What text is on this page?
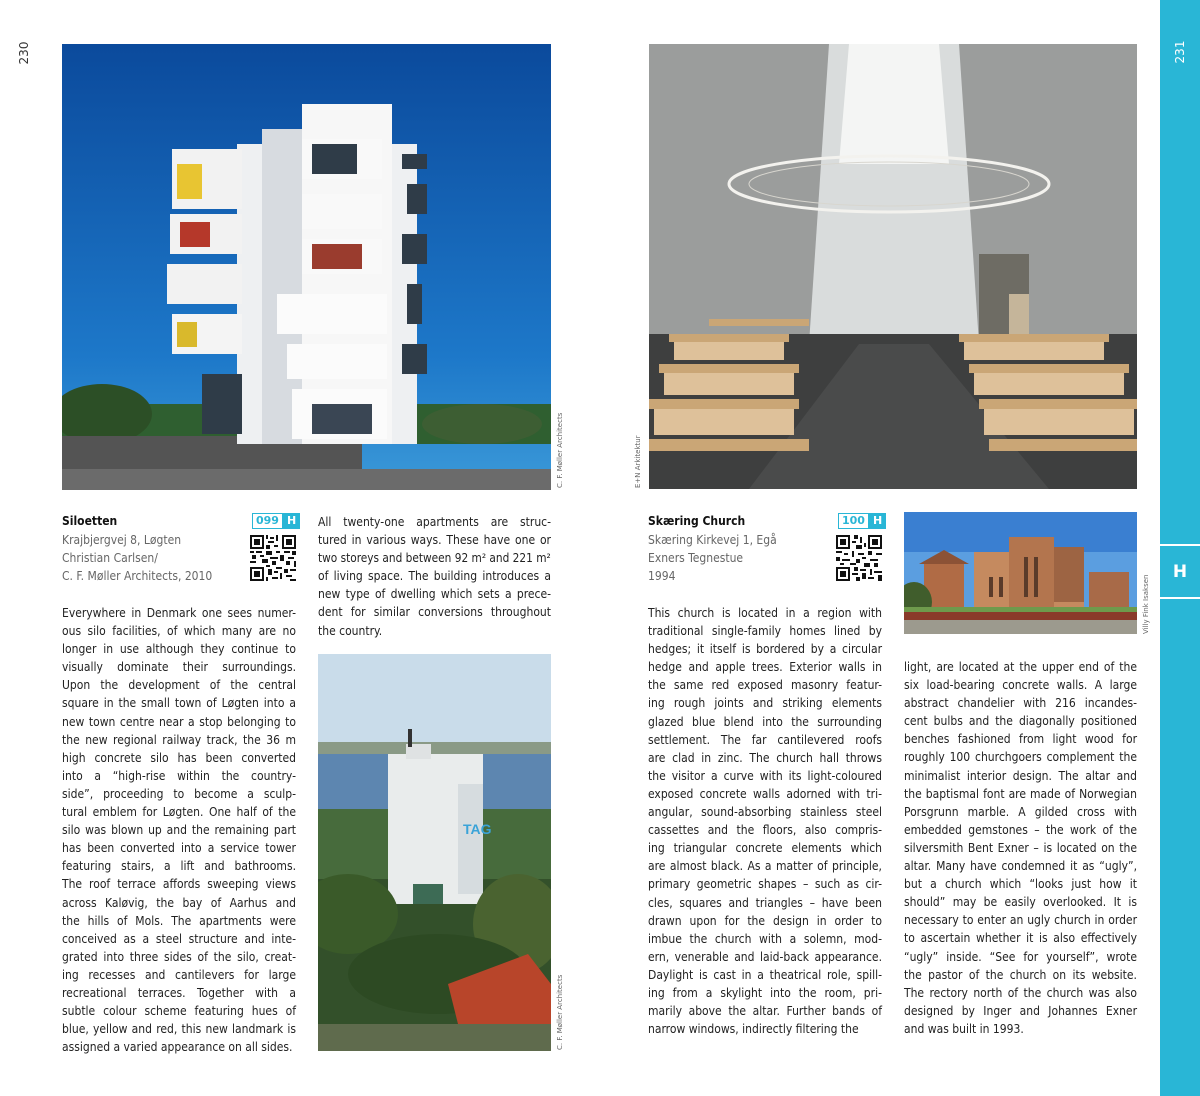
230
C. F. Møller Architects
Siloetten
Krajbjergvej 8, Løgten
Christian Carlsen/
C. F. Møller Architects, 2010
099 H
Everywhere in Denmark one sees numer-
ous silo facilities, of which many are no
longer in use although they continue to
visually dominate their surroundings.
Upon the development of the central
square in the small town of Løgten into a
new town centre near a stop belonging to
the new regional railway track, the 36 m
high concrete silo has been converted
into a “high-rise within the country-
side”, proceeding to become a sculp-
tural emblem for Løgten. One half of the
silo was blown up and the remaining part
has been converted into a service tower
featuring stairs, a lift and bathrooms.
The roof terrace affords sweeping views
across Kaløvig, the bay of Aarhus and
the hills of Mols. The apartments were
conceived as a steel structure and inte-
grated into three sides of the silo, creat-
ing recesses and cantilevers for large
recreational terraces. Together with a
subtle colour scheme featuring hues of
blue, yellow and red, this new landmark is
assigned a varied appearance on all sides.
All twenty-one apartments are struc-
tured in various ways. These have one or
two storeys and between 92 m² and 221 m²
of living space. The building introduces a
new type of dwelling which sets a prece-
dent for similar conversions throughout
the country.
TAG
C. F. Møller Architects
E+N Arkitektur
Skæring Church
Skæring Kirkevej 1, Egå
Exners Tegnestue
1994
100 H
Villy Fink Isaksen
This church is located in a region with
traditional single-family homes lined by
hedges; it itself is bordered by a circular
hedge and apple trees. Exterior walls in
the same red exposed masonry featur-
ing rough joints and striking elements
glazed blue blend into the surrounding
settlement. The far cantilevered roofs
are clad in zinc. The church hall throws
the visitor a curve with its light-coloured
exposed concrete walls adorned with tri-
angular, sound-absorbing stainless steel
cassettes and the floors, also compris-
ing triangular concrete elements which
are almost black. As a matter of principle,
primary geometric shapes – such as cir-
cles, squares and triangles – have been
drawn upon for the design in order to
imbue the church with a solemn, mod-
ern, venerable and laid-back appearance.
Daylight is cast in a theatrical role, spill-
ing from a skylight into the room, pri-
marily above the altar. Further bands of
narrow windows, indirectly filtering the
light, are located at the upper end of the
six load-bearing concrete walls. A large
abstract chandelier with 216 incandes-
cent bulbs and the diagonally positioned
benches fashioned from light wood for
roughly 100 churchgoers complement the
minimalist interior design. The altar and
the baptismal font are made of Norwegian
Porsgrunn marble. A gilded cross with
embedded gemstones – the work of the
silversmith Bent Exner – is located on the
altar. Many have condemned it as “ugly”,
but a church which “looks just how it
should” may be easily overlooked. It is
necessary to enter an ugly church in order
to ascertain whether it is also effectively
“ugly” inside. “See for yourself”, wrote
the pastor of the church on its website.
The rectory north of the church was also
designed by Inger and Johannes Exner
and was built in 1993.
231
H
